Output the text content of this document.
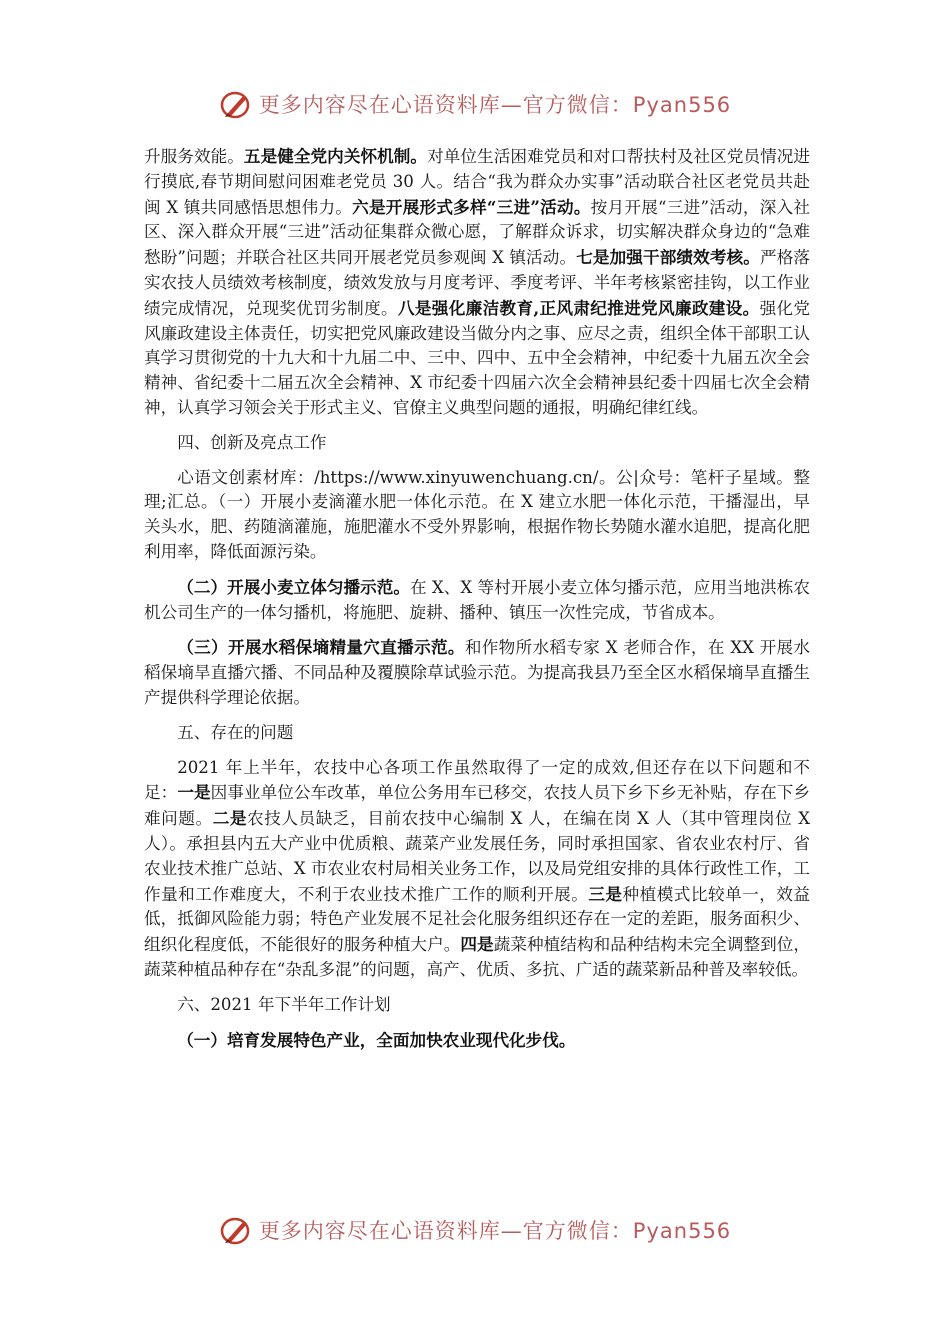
更多内容尽在心语资料库—官方微信：Pyan556

升服务效能。五是健全党内关怀机制。对单位生活困难党员和对口帮扶村及社区党员情况进行摸底,春节期间慰问困难老党员 30 人。结合“我为群众办实事”活动联合社区老党员共赴闽 X 镇共同感悟思想伟力。六是开展形式多样“三进”活动。按月开展“三进”活动，深入社区、深入群众开展“三进”活动征集群众微心愿，了解群众诉求，切实解决群众身边的“急难愁盼”问题；并联合社区共同开展老党员参观闽 X 镇活动。七是加强干部绩效考核。严格落实农技人员绩效考核制度，绩效发放与月度考评、季度考评、半年考核紧密挂钩，以工作业绩完成情况，兑现奖优罚劣制度。八是强化廉洁教育,正风肃纪推进党风廉政建设。强化党风廉政建设主体责任，切实把党风廉政建设当做分内之事、应尽之责，组织全体干部职工认真学习贯彻党的十九大和十九届二中、三中、四中、五中全会精神，中纪委十九届五次全会精神、省纪委十二届五次全会精神、X 市纪委十四届六次全会精神县纪委十四届七次全会精神，认真学习领会关于形式主义、官僚主义典型问题的通报，明确纪律红线。

四、创新及亮点工作

心语文创素材库：/https://www.xinyuwenchuang.cn/。公|众号：笔杆子星域。整理;汇总。（一）开展小麦滴灌水肥一体化示范。在 X 建立水肥一体化示范，干播湿出，早关头水，肥、药随滴灌施，施肥灌水不受外界影响，根据作物长势随水灌水追肥，提高化肥利用率，降低面源污染。

（二）开展小麦立体匀播示范。在 X、X 等村开展小麦立体匀播示范，应用当地洪栋农机公司生产的一体匀播机，将施肥、旋耕、播种、镇压一次性完成，节省成本。

（三）开展水稻保墒精量穴直播示范。和作物所水稻专家 X 老师合作，在 XX 开展水稻保墒旱直播穴播、不同品种及覆膜除草试验示范。为提高我县乃至全区水稻保墒旱直播生产提供科学理论依据。

五、存在的问题

2021 年上半年，农技中心各项工作虽然取得了一定的成效,但还存在以下问题和不足：一是因事业单位公车改革，单位公务用车已移交，农技人员下乡下乡无补贴，存在下乡难问题。二是农技人员缺乏，目前农技中心编制 X 人，在编在岗 X 人（其中管理岗位 X 人）。承担县内五大产业中优质粮、蔬菜产业发展任务，同时承担国家、省农业农村厅、省农业技术推广总站、X 市农业农村局相关业务工作，以及局党组安排的具体行政性工作，工作量和工作难度大，不利于农业技术推广工作的顺利开展。三是种植模式比较单一，效益低，抵御风险能力弱；特色产业发展不足社会化服务组织还存在一定的差距，服务面积少、组织化程度低，不能很好的服务种植大户。四是蔬菜种植结构和品种结构未完全调整到位，蔬菜种植品种存在“杂乱多混”的问题，高产、优质、多抗、广适的蔬菜新品种普及率较低。

六、2021 年下半年工作计划

（一）培育发展特色产业，全面加快农业现代化步伐。

更多内容尽在心语资料库—官方微信：Pyan556
